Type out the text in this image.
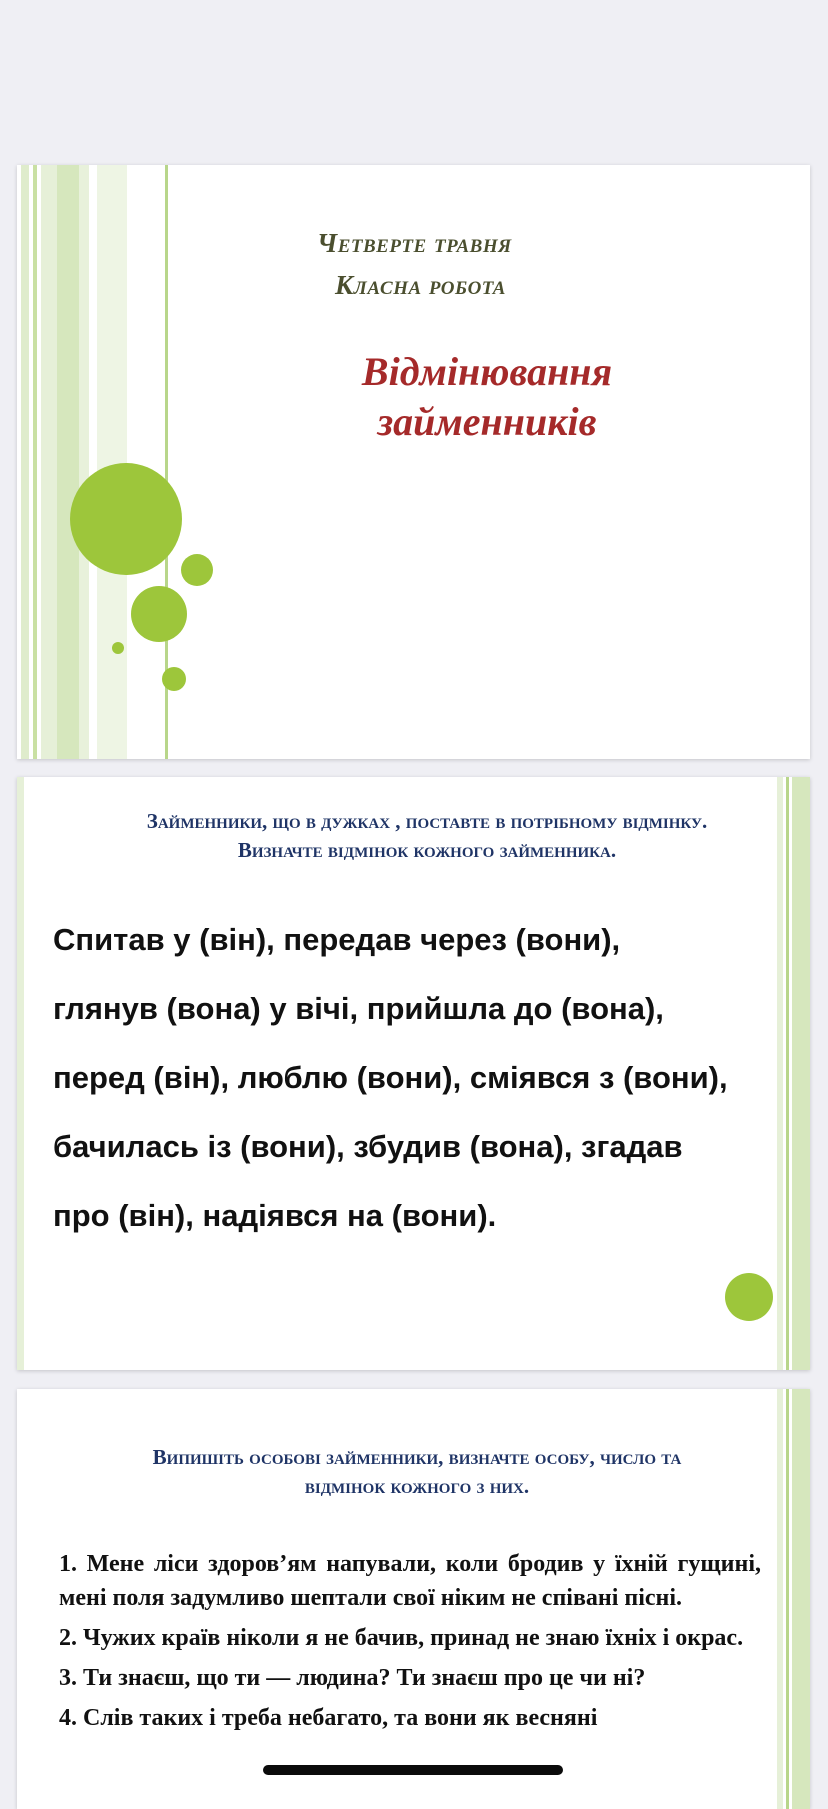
Четверте травня
Класна робота
Відмінювання
займенників
Займенники, що в дужках , поставте в потрібному відмінку.
Визначте відмінок кожного займенника.
Спитав у (він), передав через (вони),
глянув (вона) у вічі, прийшла до (вона),
перед (він), люблю (вони), сміявся з (вони),
бачилась із (вони), збудив (вона), згадав
про (він), надіявся на (вони).
Випишіть особові займенники, визначте особу, число та
відмінок кожного з них.

1. Мене ліси здоров’ям напували, коли бродив у їхній гущині, мені поля задумливо шептали свої ніким не співані пісні.

2. Чужих країв ніколи я не бачив, принад не знаю їхніх і окрас.

3. Ти знаєш, що ти — людина? Ти знаєш про це чи ні?

4. Слів таких і треба небагато, та вони як весняні
